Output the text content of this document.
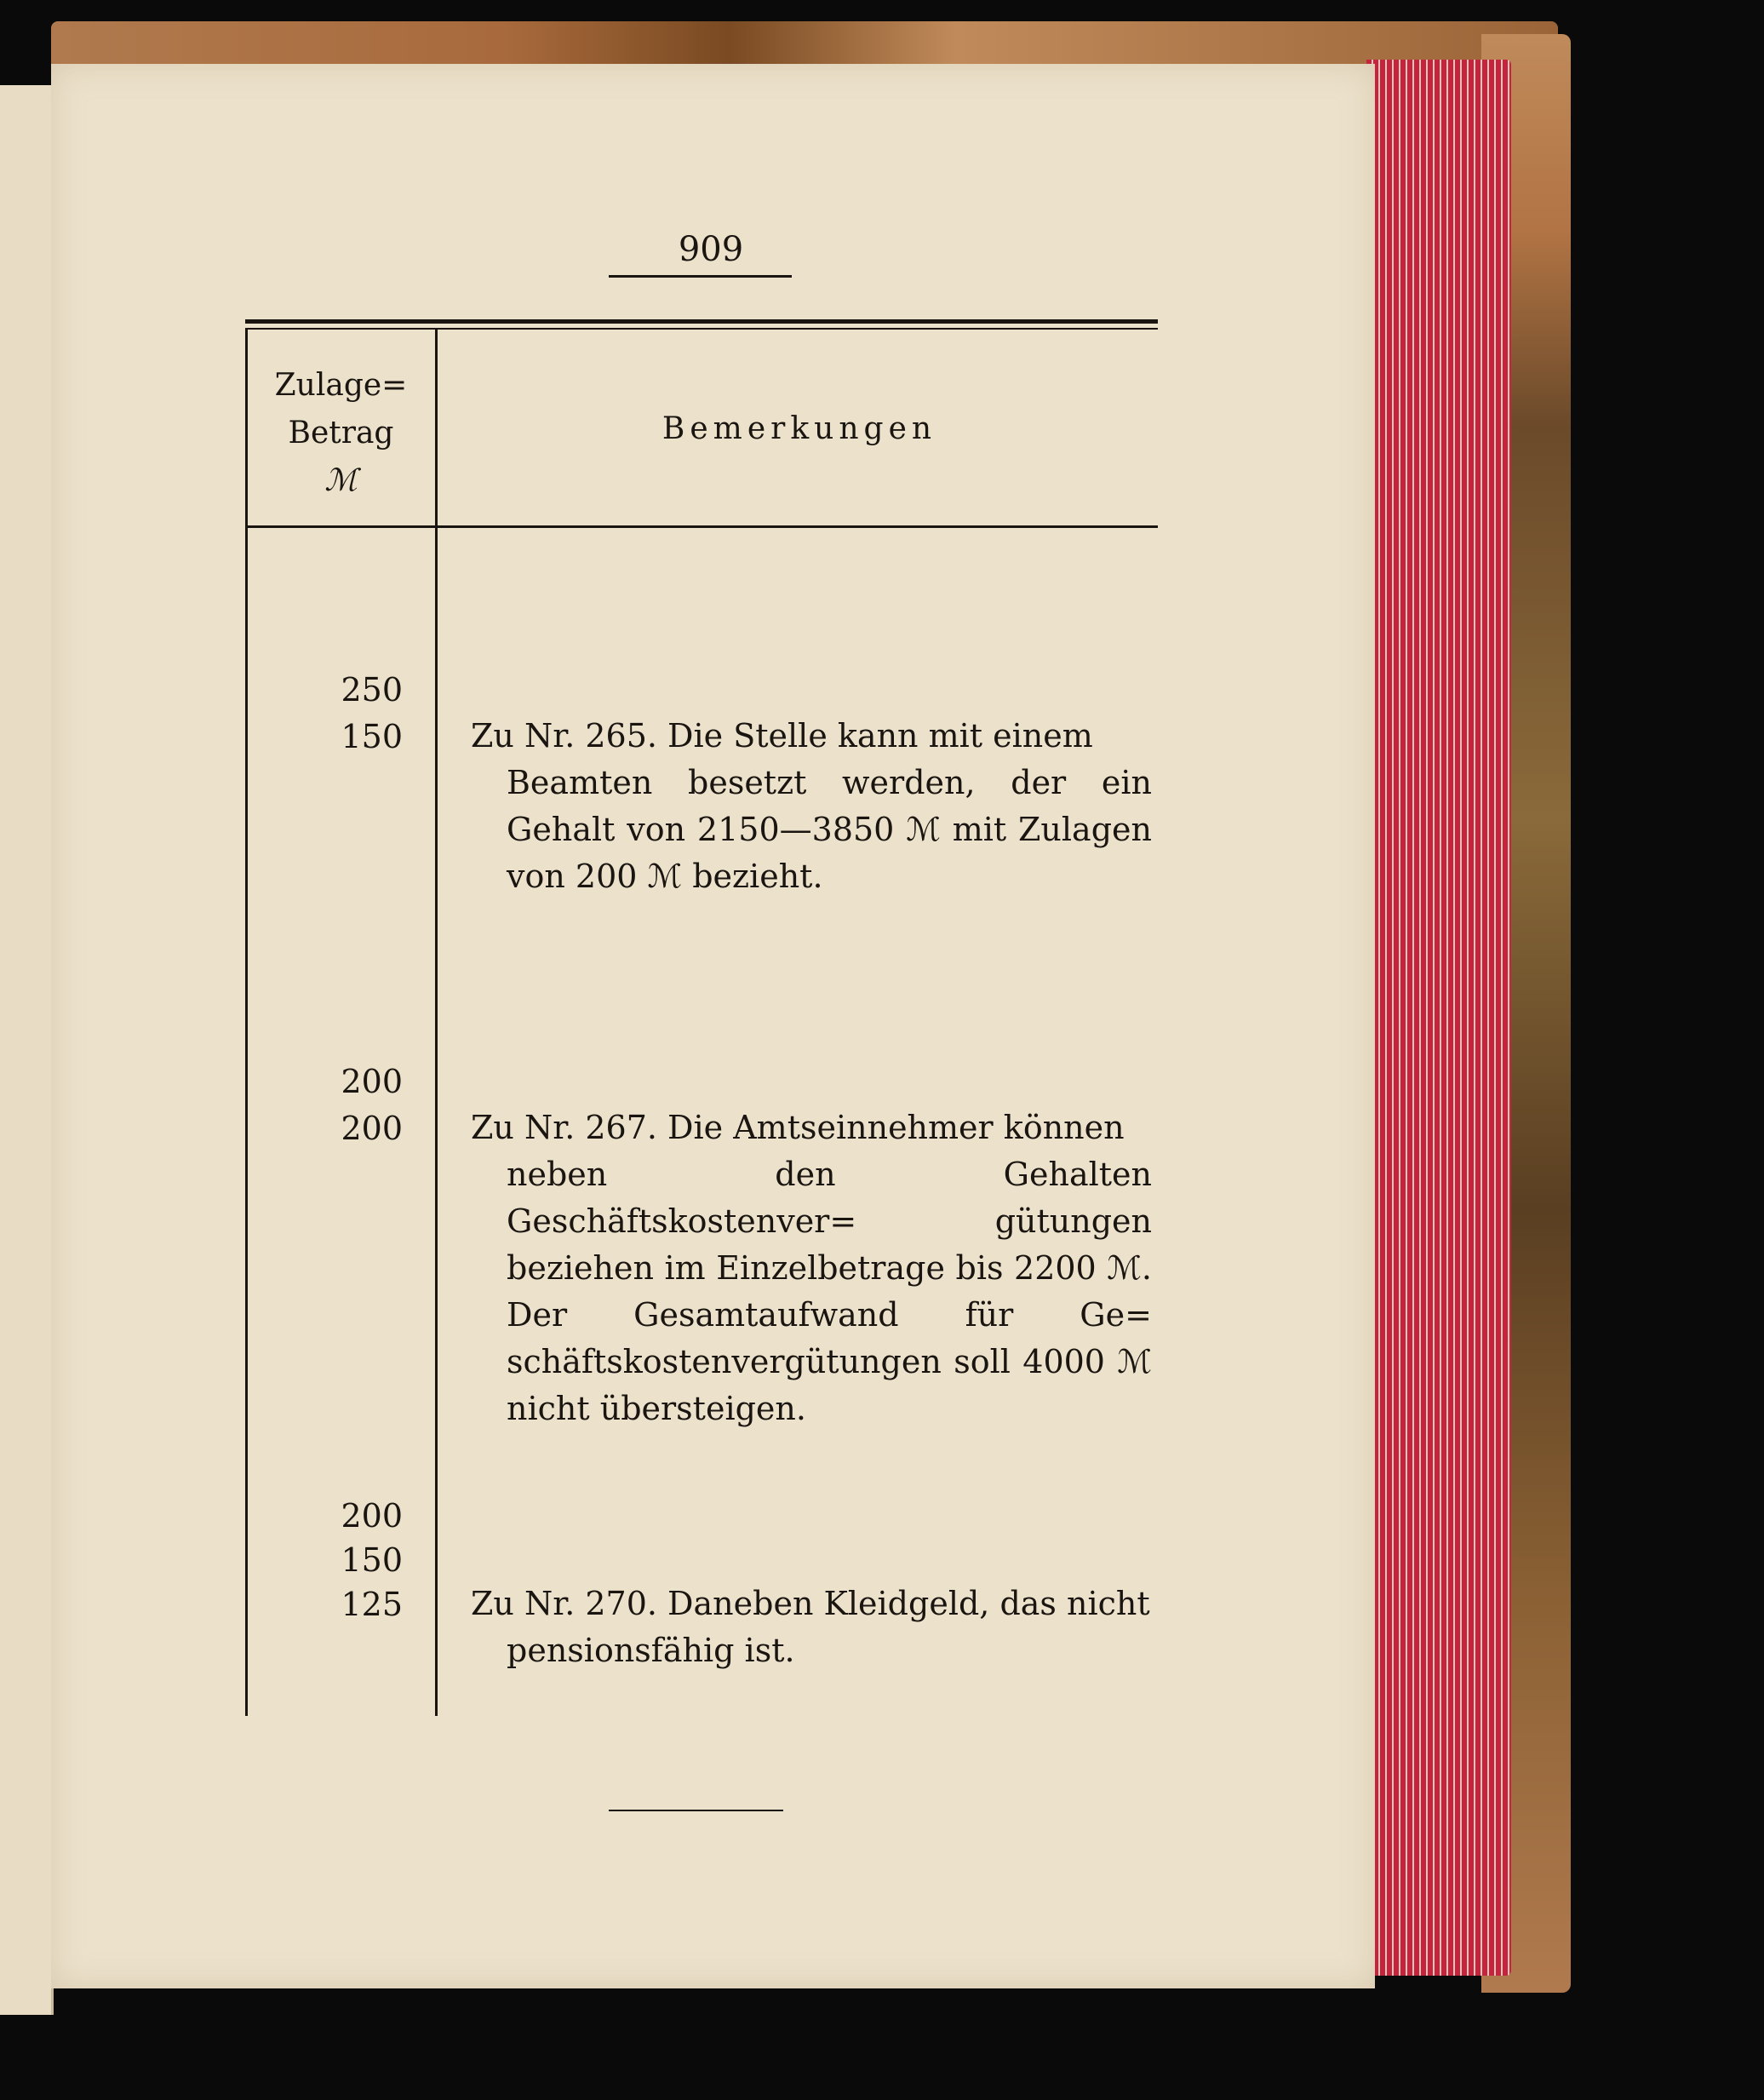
909
Zulage=
Betrag
ℳ
Bemerkungen
250
150 Zu Nr. 265. Die Stelle kann mit einem
Beamten besetzt werden, der ein Gehalt von 2150—3850 ℳ mit Zulagen von 200 ℳ bezieht.
200
200 Zu Nr. 267. Die Amtseinnehmer können
neben den Gehalten Geschäftskostenver= gütungen beziehen im Einzelbetrage bis 2200 ℳ. Der Gesamtaufwand für Ge= schäftskostenvergütungen soll 4000 ℳ nicht übersteigen.
200
150
125 Zu Nr. 270. Daneben Kleidgeld, das nicht
pensionsfähig ist.
